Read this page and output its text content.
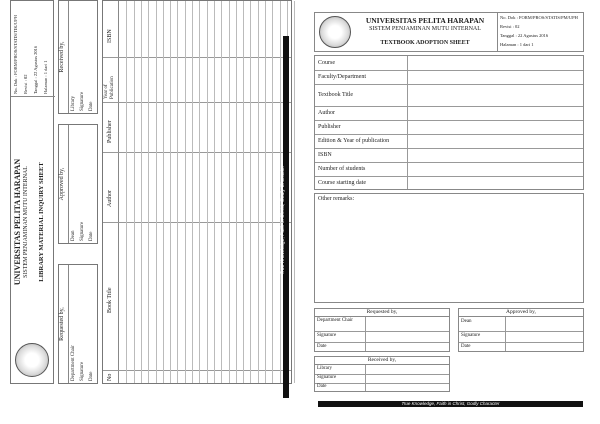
UNIVERSITAS PELITA HARAPAN SISTEM PENJAMINAN MUTU INTERNAL LIBRARY MATERIAL INQUIRY SHEET
No. Dok : FORM/PROS/STATIS/TIK/UPH Revisi : 02 Tanggal : 22 Agustus 2016 Halaman : 1 dari 1
Requested by,
Department Chair Signature Date
Approved by,
Dean Signature Date
Received by,
Library Signature Date
No
Book Title
Author
Publisher
Year of Publication
ISBN
True Knowledge, Faith in Christ, Godly Character
UNIVERSITAS PELITA HARAPAN
SISTEM PENJAMINAN MUTU INTERNAL
TEXTBOOK ADOPTION SHEET
No. Dok : FORM/PROS/STATIS/PM/UPH
Revisi : 02
Tanggal : 22 Agustus 2016
Halaman : 1 dari 1
Course
Faculty/Department
Textbook Title
Author
Publisher
Edition & Year of publication
ISBN
Number of students
Course starting date
Other remarks:
Requested by,
Department Chair
Signature
Date
Approved by,
Dean
Signature
Date
Received by,
Library
Signature
Date
True Knowledge, Faith in Christ, Godly Character
